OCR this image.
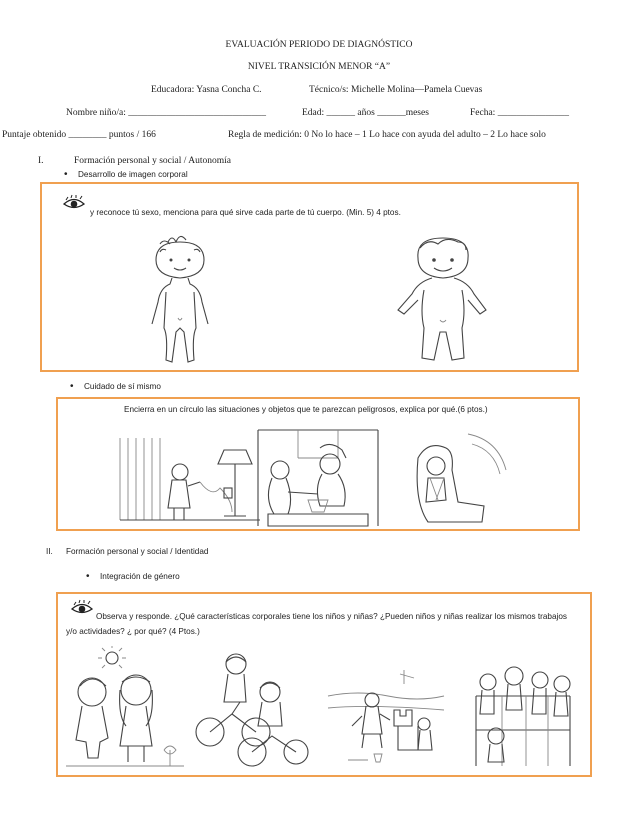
EVALUACIÓN PERIODO DE DIAGNÓSTICO
NIVEL TRANSICIÓN MENOR “A”
Educadora: Yasna Concha C.	Técnico/s: Michelle Molina—Pamela Cuevas
Nombre niño/a: _____________________________	Edad: ______ años ______meses	Fecha: _______________
Puntaje obtenido ________ puntos / 166	Regla de medición: 0 No lo hace – 1 Lo hace con ayuda del adulto – 2 Lo hace solo
I.	Formación personal y social / Autonomía
• Desarrollo de imagen corporal
y reconoce tú sexo, menciona para qué sirve cada parte de tú cuerpo. (Min. 5) 4 ptos.
• Cuidado de sí mismo
Encierra en un círculo las situaciones y objetos que te parezcan peligrosos, explica por qué.(6 ptos.)
II. Formación personal y social / Identidad
• Integración de género
Observa y responde. ¿Qué características corporales tiene los niños y niñas? ¿Pueden niños y niñas realizar los mismos trabajos
y/o actividades? ¿ por qué? (4 Ptos.)
